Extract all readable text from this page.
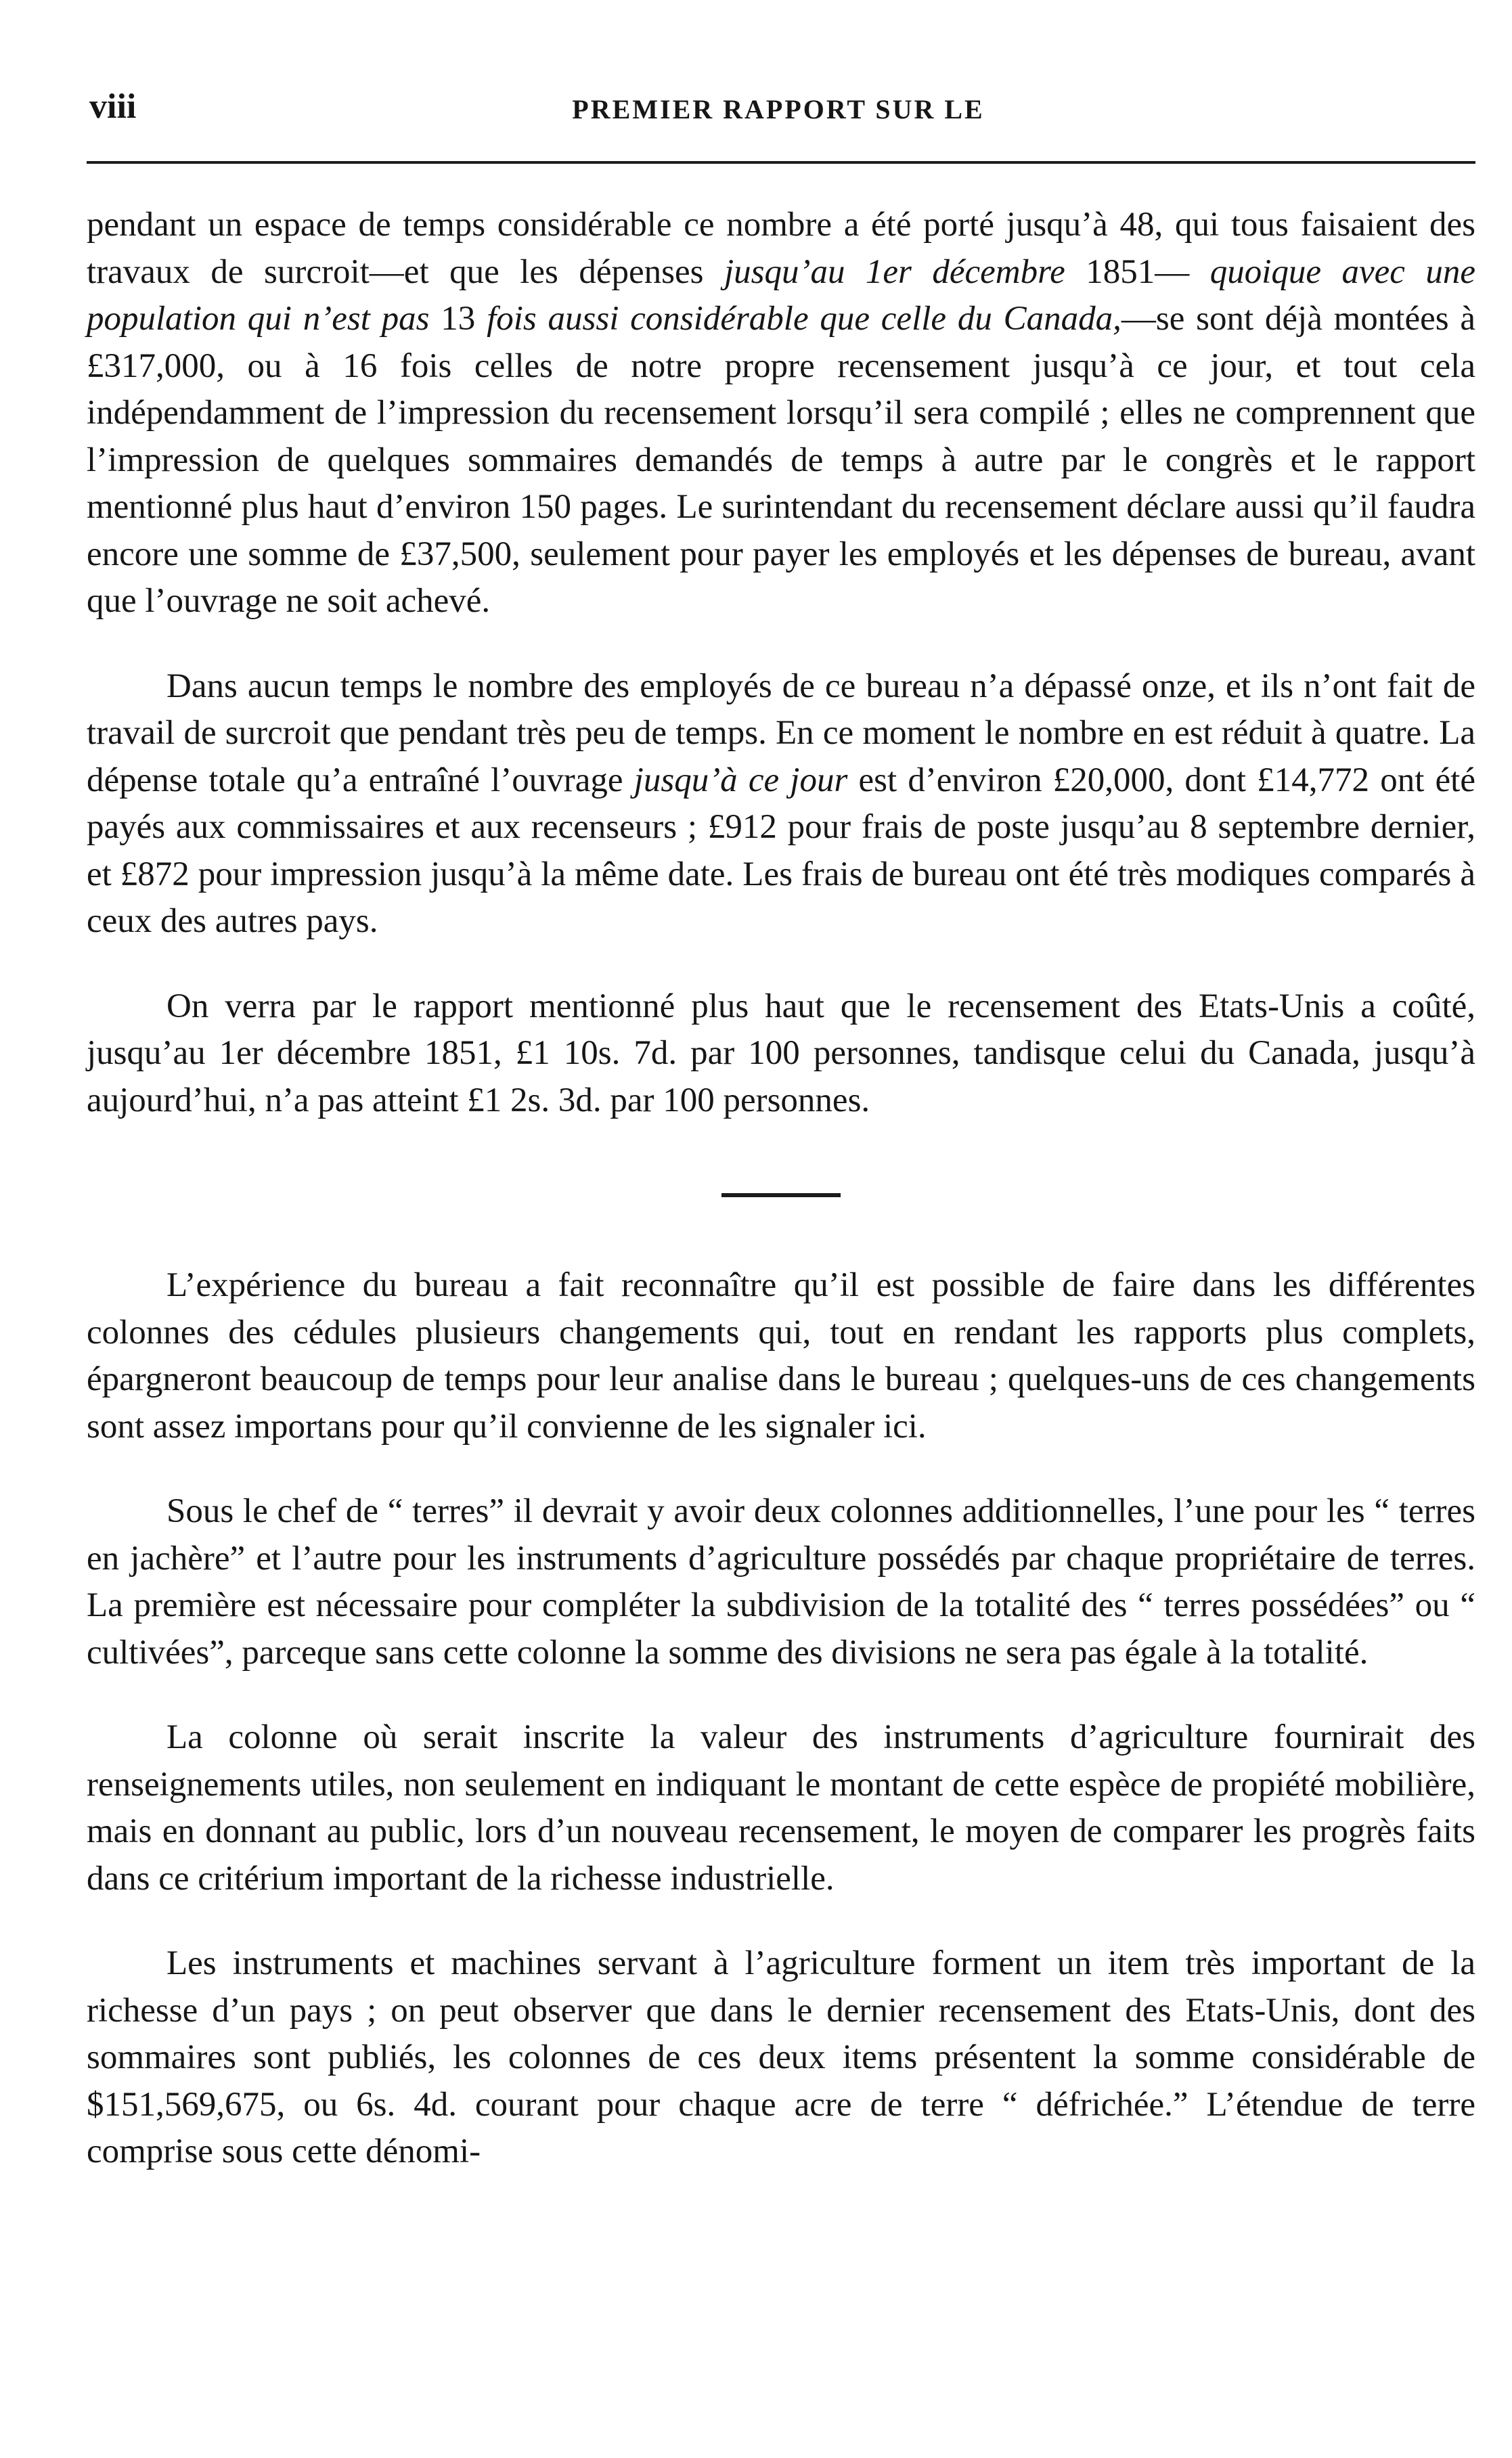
viii	PREMIER RAPPORT SUR LE

pendant un espace de temps considérable ce nombre a été porté jusqu’à 48, qui tous faisaient des travaux de surcroit—et que les dépenses jusqu’au 1er décembre 1851— quoique avec une population qui n’est pas 13 fois aussi considérable que celle du Canada,—se sont déjà montées à £317,000, ou à 16 fois celles de notre propre recensement jusqu’à ce jour, et tout cela indépendamment de l’impression du recensement lorsqu’il sera compilé ; elles ne comprennent que l’impression de quelques sommaires demandés de temps à autre par le congrès et le rapport mentionné plus haut d’environ 150 pages. Le surintendant du recensement déclare aussi qu’il faudra encore une somme de £37,500, seulement pour payer les employés et les dépenses de bureau, avant que l’ouvrage ne soit achevé.

Dans aucun temps le nombre des employés de ce bureau n’a dépassé onze, et ils n’ont fait de travail de surcroit que pendant très peu de temps. En ce moment le nombre en est réduit à quatre. La dépense totale qu’a entraîné l’ouvrage jusqu’à ce jour est d’environ £20,000, dont £14,772 ont été payés aux commissaires et aux recenseurs ; £912 pour frais de poste jusqu’au 8 septembre dernier, et £872 pour impression jusqu’à la même date. Les frais de bureau ont été très modiques comparés à ceux des autres pays.

On verra par le rapport mentionné plus haut que le recensement des Etats-Unis a coûté, jusqu’au 1er décembre 1851, £1 10s. 7d. par 100 personnes, tandisque celui du Canada, jusqu’à aujourd’hui, n’a pas atteint £1 2s. 3d. par 100 personnes.

L’expérience du bureau a fait reconnaître qu’il est possible de faire dans les différentes colonnes des cédules plusieurs changements qui, tout en rendant les rapports plus complets, épargneront beaucoup de temps pour leur analise dans le bureau ; quelques-uns de ces changements sont assez importans pour qu’il convienne de les signaler ici.

Sous le chef de “ terres” il devrait y avoir deux colonnes additionnelles, l’une pour les “ terres en jachère” et l’autre pour les instruments d’agriculture possédés par chaque propriétaire de terres. La première est nécessaire pour compléter la subdivision de la totalité des “ terres possédées” ou “ cultivées”, parceque sans cette colonne la somme des divisions ne sera pas égale à la totalité.

La colonne où serait inscrite la valeur des instruments d’agriculture fournirait des renseignements utiles, non seulement en indiquant le montant de cette espèce de propiété mobilière, mais en donnant au public, lors d’un nouveau recensement, le moyen de comparer les progrès faits dans ce critérium important de la richesse industrielle.

Les instruments et machines servant à l’agriculture forment un item très important de la richesse d’un pays ; on peut observer que dans le dernier recensement des Etats-Unis, dont des sommaires sont publiés, les colonnes de ces deux items présentent la somme considérable de $151,569,675, ou 6s. 4d. courant pour chaque acre de terre “ défrichée.” L’étendue de terre comprise sous cette dénomi-
